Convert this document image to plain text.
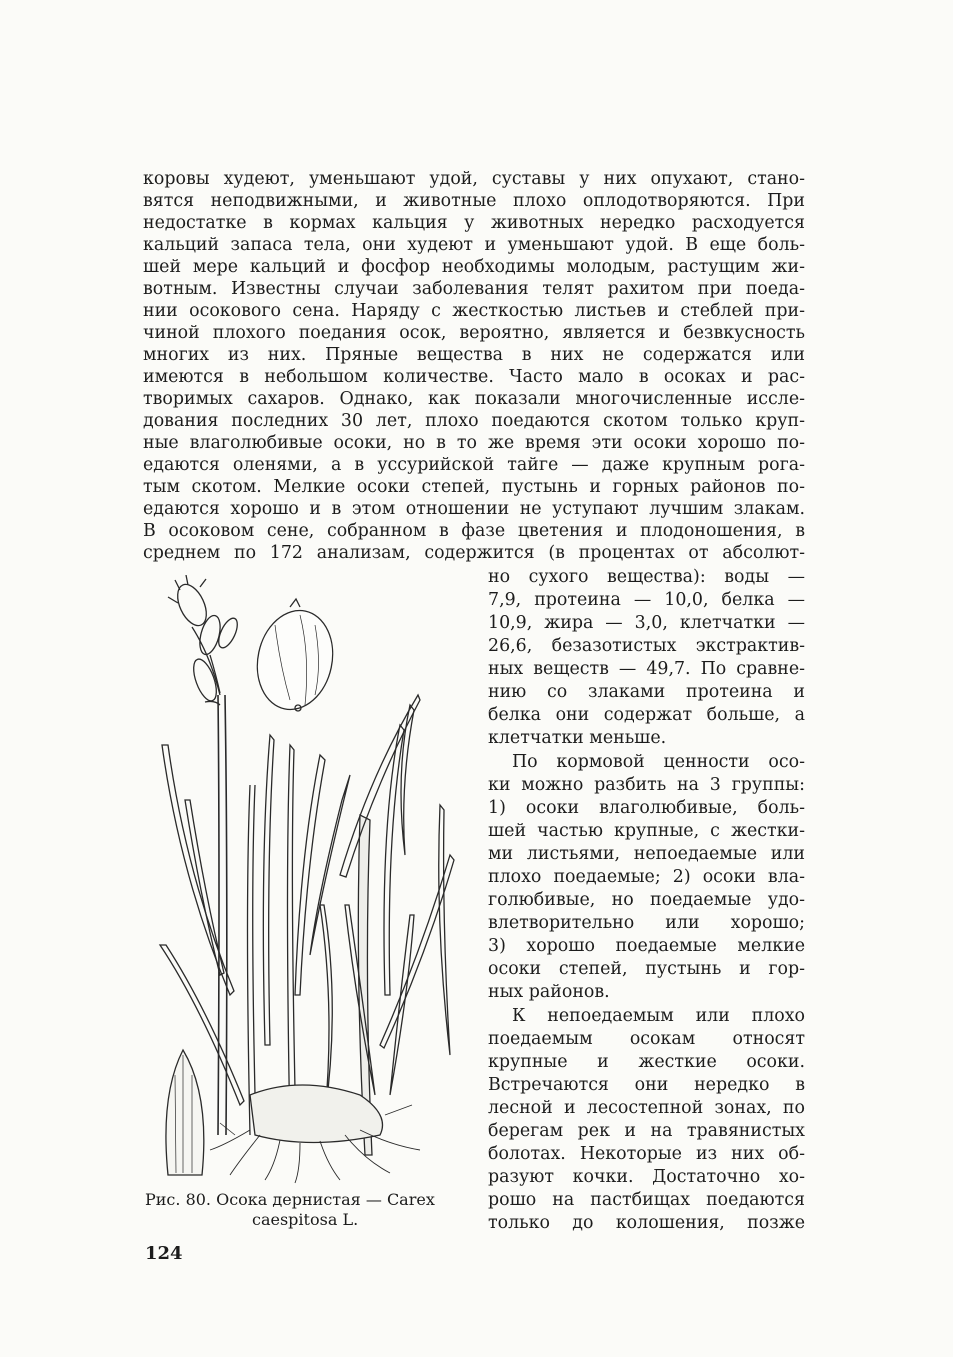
коровы худеют, уменьшают удой, суставы у них опухают, стано-
вятся неподвижными, и животные плохо оплодотворяются. При
недостатке в кормах кальция у животных нередко расходуется
кальций запаса тела, они худеют и уменьшают удой. В еще боль-
шей мере кальций и фосфор необходимы молодым, растущим жи-
вотным. Известны случаи заболевания телят рахитом при поеда-
нии осокового сена. Наряду с жесткостью листьев и стеблей при-
чиной плохого поедания осок, вероятно, является и безвкусность
многих из них. Пряные вещества в них не содержатся или
имеются в небольшом количестве. Часто мало в осоках и рас-
творимых сахаров. Однако, как показали многочисленные иссле-
дования последних 30 лет, плохо поедаются скотом только круп-
ные влаголюбивые осоки, но в то же время эти осоки хорошо по-
едаются оленями, а в уссурийской тайге — даже крупным рога-
тым скотом. Мелкие осоки степей, пустынь и горных районов по-
едаются хорошо и в этом отношении не уступают лучшим злакам.
В осоковом сене, собранном в фазе цветения и плодоношения, в
среднем по 172 анализам, содержится (в процентах от абсолют-
но сухого вещества): воды —
7,9, протеина — 10,0, белка —
10,9, жира — 3,0, клетчатки —
26,6, безазотистых экстрактив-
ных веществ — 49,7. По сравне-
нию со злаками протеина и
белка они содержат больше, а
клетчатки меньше.
По кормовой ценности осо-
ки можно разбить на 3 группы:
1) осоки влаголюбивые, боль-
шей частью крупные, с жестки-
ми листьями, непоедаемые или
плохо поедаемые; 2) осоки вла-
голюбивые, но поедаемые удо-
влетворительно или хорошо;
3) хорошо поедаемые мелкие
осоки степей, пустынь и гор-
ных районов.
К непоедаемым или плохо
поедаемым осокам относят
крупные и жесткие осоки.
Встречаются они нередко в
лесной и лесостепной зонах, по
берегам рек и на травянистых
болотах. Некоторые из них об-
разуют кочки. Достаточно хо-
рошо на пастбищах поедаются
только до колошения, позже
Рис. 80. Осока дернистая — Carex
caespitosa L.
124
